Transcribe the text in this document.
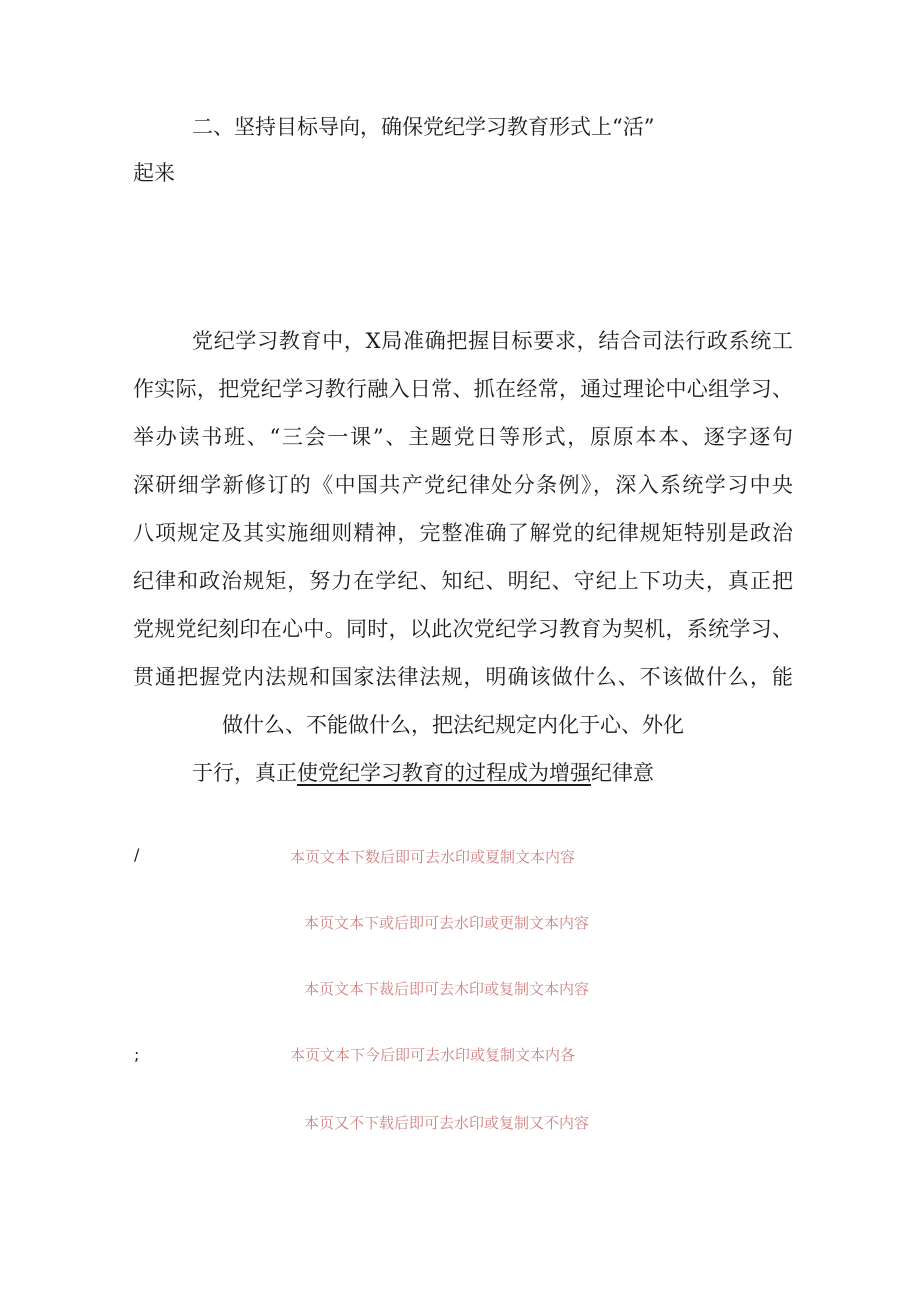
二、坚持目标导向，确保党纪学习教育形式上“活”
起来
党纪学习教育中，X局准确把握目标要求，结合司法行政系统工
作实际，把党纪学习教行融入日常、抓在经常，通过理论中心组学习、
举办读书班、“三会一课”、主题党日等形式，原原本本、逐字逐句
深研细学新修订的《中国共产党纪律处分条例》，深入系统学习中央
八项规定及其实施细则精神，完整准确了解党的纪律规矩特别是政治
纪律和政治规矩，努力在学纪、知纪、明纪、守纪上下功夫，真正把
党规党纪刻印在心中。同时，以此次党纪学习教育为契机，系统学习、
贯通把握党内法规和国家法律法规，明确该做什么、不该做什么，能
做什么、不能做什么，把法纪规定内化于心、外化
于行，真正使党纪学习教育的过程成为增强纪律意
/
;
本页文本下数后即可去水印或夏制文本内容
本页文本下或后即可去水印或更制文本内容
本页文本下裁后即可去木印或复制文本内容
本页文本下今后即可去水印或复制文本内各
本页又不下载后即可去水印或复制又不内容
